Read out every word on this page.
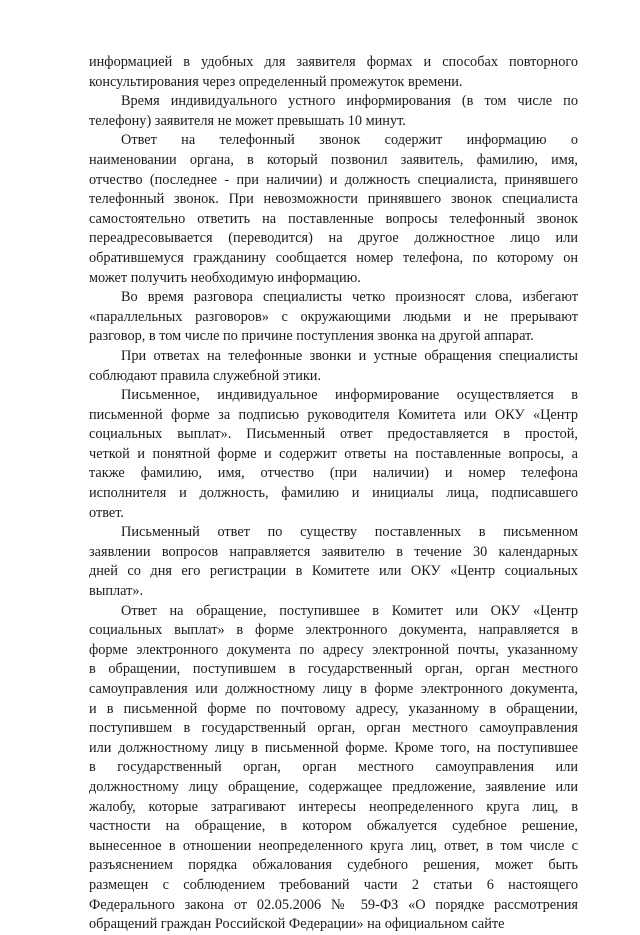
информацией в удобных для заявителя формах и способах повторного
консультирования через определенный промежуток времени.
Время индивидуального устного информирования (в том числе по
телефону) заявителя не может превышать 10 минут.
Ответ на телефонный звонок содержит информацию о
наименовании органа, в который позвонил заявитель, фамилию, имя,
отчество (последнее - при наличии) и должность специалиста, принявшего
телефонный звонок. При невозможности принявшего звонок специалиста
самостоятельно ответить на поставленные вопросы телефонный звонок
переадресовывается (переводится) на другое должностное лицо или
обратившемуся гражданину сообщается номер телефона, по которому он
может получить необходимую информацию.
Во время разговора специалисты четко произносят слова, избегают
«параллельных разговоров» с окружающими людьми и не прерывают
разговор, в том числе по причине поступления звонка на другой аппарат.
При ответах на телефонные звонки и устные обращения специалисты
соблюдают правила служебной этики.
Письменное, индивидуальное информирование осуществляется в
письменной форме за подписью руководителя Комитета или ОКУ «Центр
социальных выплат». Письменный ответ предоставляется в простой,
четкой и понятной форме и содержит ответы на поставленные вопросы, а
также фамилию, имя, отчество (при наличии) и номер телефона
исполнителя и должность, фамилию и инициалы лица, подписавшего
ответ.
Письменный ответ по существу поставленных в письменном
заявлении вопросов направляется заявителю в течение 30 календарных
дней со дня его регистрации в Комитете или ОКУ «Центр социальных
выплат».
Ответ на обращение, поступившее в Комитет или ОКУ «Центр
социальных выплат» в форме электронного документа, направляется в
форме электронного документа по адресу электронной почты, указанному
в обращении, поступившем в государственный орган, орган местного
самоуправления или должностному лицу в форме электронного документа,
и в письменной форме по почтовому адресу, указанному в обращении,
поступившем в государственный орган, орган местного самоуправления
или должностному лицу в письменной форме. Кроме того, на поступившее
в государственный орган, орган местного самоуправления или
должностному лицу обращение, содержащее предложение, заявление или
жалобу, которые затрагивают интересы неопределенного круга лиц, в
частности на обращение, в котором обжалуется судебное решение,
вынесенное в отношении неопределенного круга лиц, ответ, в том числе с
разъяснением порядка обжалования судебного решения, может быть
размещен с соблюдением требований части 2 статьи 6 настоящего
Федерального закона от 02.05.2006 № 59-ФЗ «О порядке рассмотрения
обращений граждан Российской Федерации» на официальном сайте
